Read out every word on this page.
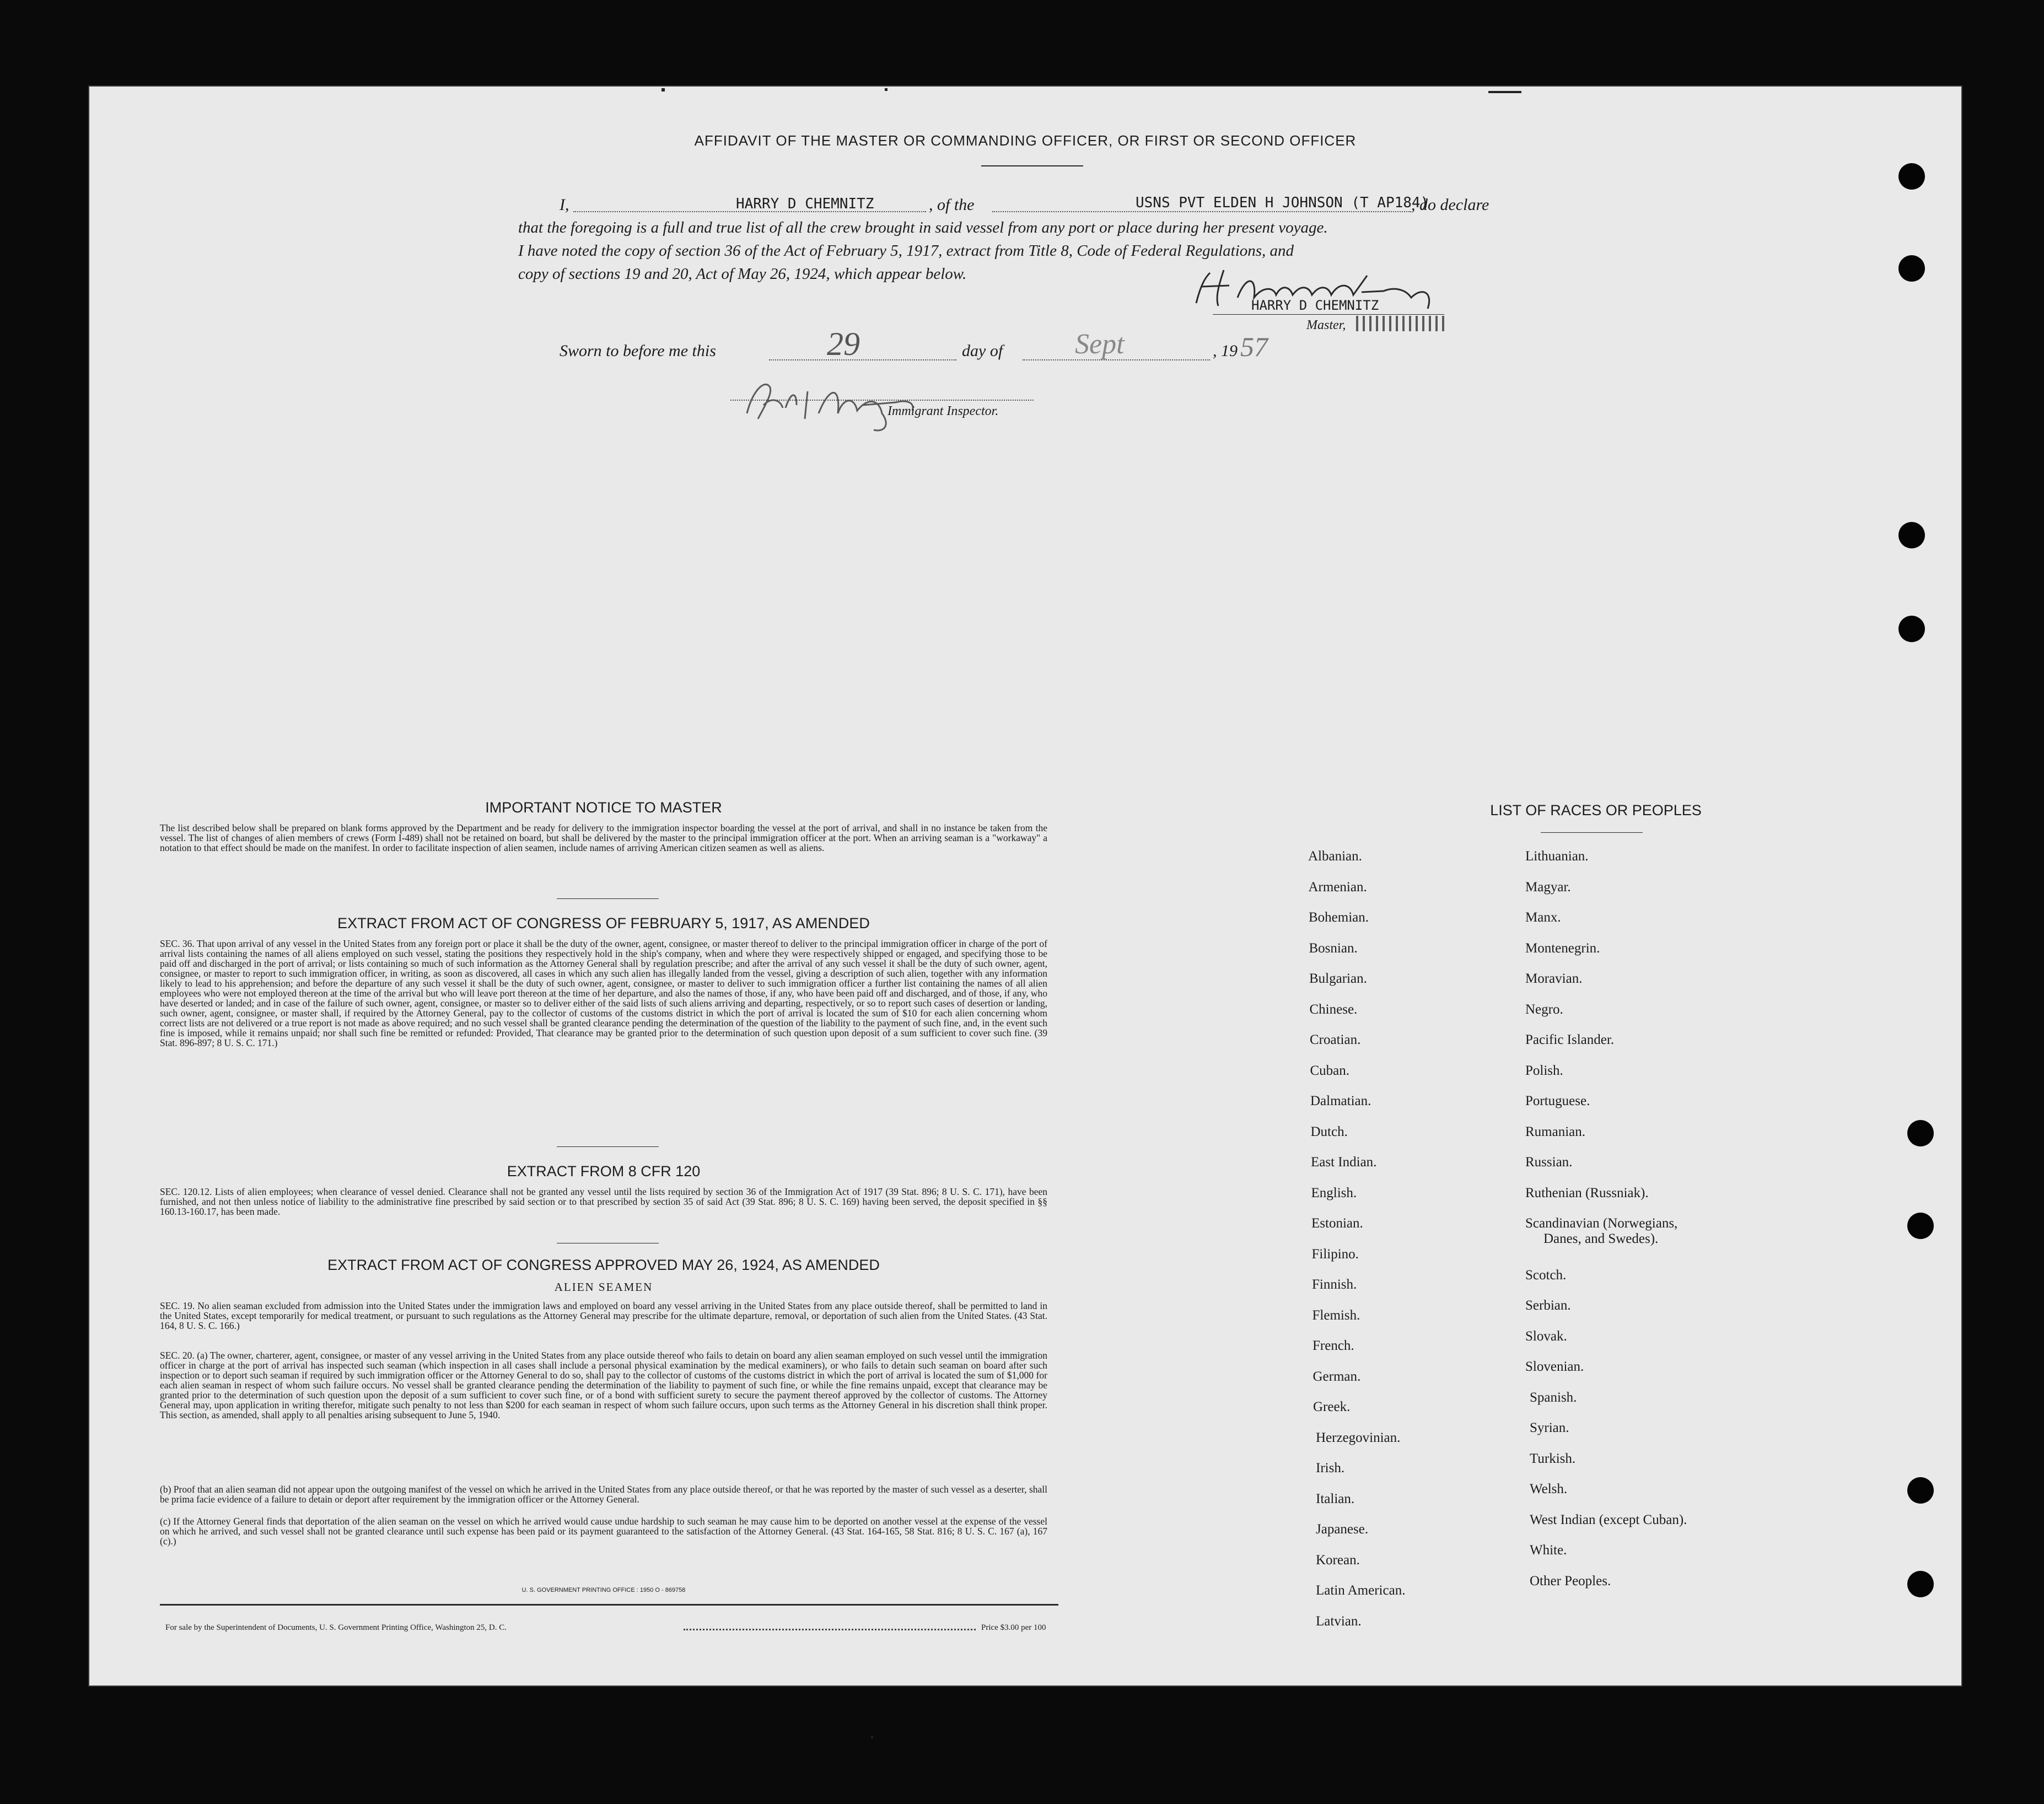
AFFIDAVIT OF THE MASTER OR COMMANDING OFFICER, OR FIRST OR SECOND OFFICER
I,	HARRY D CHEMNITZ	, of the	USNS PVT ELDEN H JOHNSON (T AP184)
, do declare
that the foregoing is a full and true list of all the crew brought in said vessel from any port or place during her present voyage.
I have noted the copy of section 36 of the Act of February 5, 1917, extract from Title 8, Code of Federal Regulations, and
copy of sections 19 and 20, Act of May 26, 1924, which appear below.
HARRY D CHEMNITZ
Master,
Sworn to before me this	29	day of	Sept	, 19 57
Immigrant Inspector.
IMPORTANT NOTICE TO MASTER
The list described below shall be prepared on blank forms approved by the Department and be ready for delivery to the immigration inspector boarding the vessel at the port of arrival, and shall in no instance be taken from the vessel. The list of changes of alien members of crews (Form I-489) shall not be retained on board, but shall be delivered by the master to the principal immigration officer at the port. When an arriving seaman is a "workaway" a notation to that effect should be made on the manifest. In order to facilitate inspection of alien seamen, include names of arriving American citizen seamen as well as aliens.
EXTRACT FROM ACT OF CONGRESS OF FEBRUARY 5, 1917, AS AMENDED
SEC. 36. That upon arrival of any vessel in the United States from any foreign port or place it shall be the duty of the owner, agent, consignee, or master thereof to deliver to the principal immigration officer in charge of the port of arrival lists containing the names of all aliens employed on such vessel, stating the positions they respectively hold in the ship's company, when and where they were respectively shipped or engaged, and specifying those to be paid off and discharged in the port of arrival; or lists containing so much of such information as the Attorney General shall by regulation prescribe; and after the arrival of any such vessel it shall be the duty of such owner, agent, consignee, or master to report to such immigration officer, in writing, as soon as discovered, all cases in which any such alien has illegally landed from the vessel, giving a description of such alien, together with any information likely to lead to his apprehension; and before the departure of any such vessel it shall be the duty of such owner, agent, consignee, or master to deliver to such immigration officer a further list containing the names of all alien employees who were not employed thereon at the time of the arrival but who will leave port thereon at the time of her departure, and also the names of those, if any, who have been paid off and discharged, and of those, if any, who have deserted or landed; and in case of the failure of such owner, agent, consignee, or master so to deliver either of the said lists of such aliens arriving and departing, respectively, or so to report such cases of desertion or landing, such owner, agent, consignee, or master shall, if required by the Attorney General, pay to the collector of customs of the customs district in which the port of arrival is located the sum of $10 for each alien concerning whom correct lists are not delivered or a true report is not made as above required; and no such vessel shall be granted clearance pending the determination of the question of the liability to the payment of such fine, and, in the event such fine is imposed, while it remains unpaid; nor shall such fine be remitted or refunded: Provided, That clearance may be granted prior to the determination of such question upon deposit of a sum sufficient to cover such fine. (39 Stat. 896-897; 8 U. S. C. 171.)
EXTRACT FROM 8 CFR 120
SEC. 120.12. Lists of alien employees; when clearance of vessel denied. Clearance shall not be granted any vessel until the lists required by section 36 of the Immigration Act of 1917 (39 Stat. 896; 8 U. S. C. 171), have been furnished, and not then unless notice of liability to the administrative fine prescribed by said section or to that prescribed by section 35 of said Act (39 Stat. 896; 8 U. S. C. 169) having been served, the deposit specified in §§ 160.13-160.17, has been made.
EXTRACT FROM ACT OF CONGRESS APPROVED MAY 26, 1924, AS AMENDED
ALIEN SEAMEN
SEC. 19. No alien seaman excluded from admission into the United States under the immigration laws and employed on board any vessel arriving in the United States from any place outside thereof, shall be permitted to land in the United States, except temporarily for medical treatment, or pursuant to such regulations as the Attorney General may prescribe for the ultimate departure, removal, or deportation of such alien from the United States. (43 Stat. 164, 8 U. S. C. 166.)
SEC. 20. (a) The owner, charterer, agent, consignee, or master of any vessel arriving in the United States from any place outside thereof who fails to detain on board any alien seaman employed on such vessel until the immigration officer in charge at the port of arrival has inspected such seaman (which inspection in all cases shall include a personal physical examination by the medical examiners), or who fails to detain such seaman on board after such inspection or to deport such seaman if required by such immigration officer or the Attorney General to do so, shall pay to the collector of customs of the customs district in which the port of arrival is located the sum of $1,000 for each alien seaman in respect of whom such failure occurs. No vessel shall be granted clearance pending the determination of the liability to payment of such fine, or while the fine remains unpaid, except that clearance may be granted prior to the determination of such question upon the deposit of a sum sufficient to cover such fine, or of a bond with sufficient surety to secure the payment thereof approved by the collector of customs. The Attorney General may, upon application in writing therefor, mitigate such penalty to not less than $200 for each seaman in respect of whom such failure occurs, upon such terms as the Attorney General in his discretion shall think proper. This section, as amended, shall apply to all penalties arising subsequent to June 5, 1940.
(b) Proof that an alien seaman did not appear upon the outgoing manifest of the vessel on which he arrived in the United States from any place outside thereof, or that he was reported by the master of such vessel as a deserter, shall be prima facie evidence of a failure to detain or deport after requirement by the immigration officer or the Attorney General.
(c) If the Attorney General finds that deportation of the alien seaman on the vessel on which he arrived would cause undue hardship to such seaman he may cause him to be deported on another vessel at the expense of the vessel on which he arrived, and such vessel shall not be granted clearance until such expense has been paid or its payment guaranteed to the satisfaction of the Attorney General. (43 Stat. 164-165, 58 Stat. 816; 8 U. S. C. 167 (a), 167 (c).)
U. S. GOVERNMENT PRINTING OFFICE : 1950 O - 869758
For sale by the Superintendent of Documents, U. S. Government Printing Office, Washington 25, D. C.	Price $3.00 per 100
LIST OF RACES OR PEOPLES
Albanian.
Armenian.
Bohemian.
Bosnian.
Bulgarian.
Chinese.
Croatian.
Cuban.
Dalmatian.
Dutch.
East Indian.
English.
Estonian.
Filipino.
Finnish.
Flemish.
French.
German.
Greek.
Herzegovinian.
Irish.
Italian.
Japanese.
Korean.
Latin American.
Latvian.
Lithuanian.
Magyar.
Manx.
Montenegrin.
Moravian.
Negro.
Pacific Islander.
Polish.
Portuguese.
Rumanian.
Russian.
Ruthenian (Russniak).
Scandinavian (Norwegians,
Danes, and Swedes).
Scotch.
Serbian.
Slovak.
Slovenian.
Spanish.
Syrian.
Turkish.
Welsh.
West Indian (except Cuban).
White.
Other Peoples.
